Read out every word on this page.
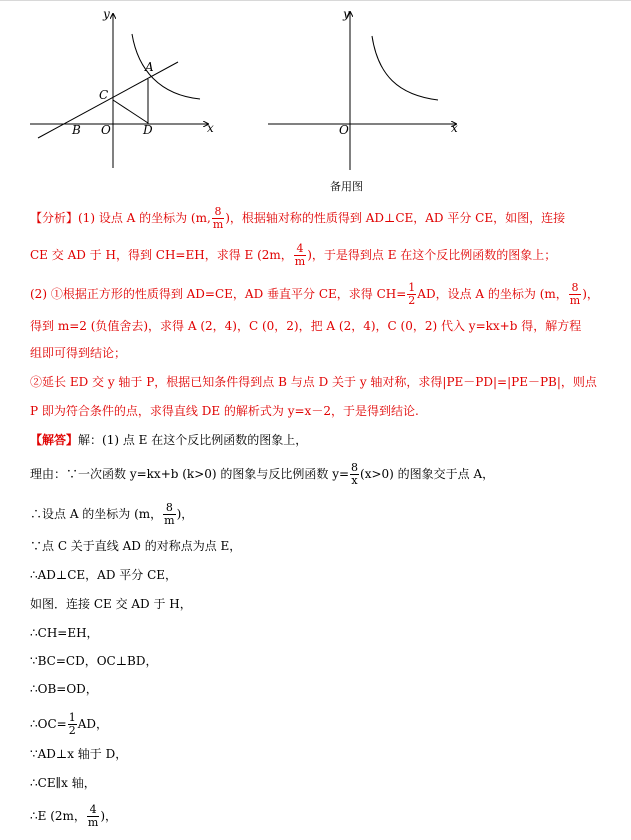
y
x
A
C
B O	D
y
x
O
备用图
【分析】(1) 设点 A 的坐标为 (m, $\frac{8}{m}$ )，根据轴对称的性质得到 AD⊥CE，AD 平分 CE，如图，连接
CE 交 AD 于 H，得到 CH=EH，求得 E (2m， $\frac{4}{m}$ )，于是得到点 E 在这个反比例函数的图象上；
(2) ①根据正方形的性质得到 AD=CE，AD 垂直平分 CE，求得 $CH= \frac{1}{2}$ AD，设点 A 的坐标为 (m， $\frac{8}{m}$ )，
得到 m=2 (负值舍去)，求得 A (2，4)，C (0，2)，把 A (2，4)，C (0，2) 代入 y=kx+b 得，解方程
组即可得到结论；
②延长 ED 交 y 轴于 P，根据已知条件得到点 B 与点 D 关于 y 轴对称，求得|PE－PD|=|PE－PB|，则点
P 即为符合条件的点，求得直线 DE 的解析式为 y=x－2，于是得到结论.
【解答】解：(1) 点 E 在这个反比例函数的图象上，
理由：∵一次函数 y=kx+b (k>0) 的图象与反比例函数 $y= \frac{8}{x} (x>0)$ 的图象交于点 A，
∴设点 A 的坐标为 (m， $\frac{8}{m}$ )，
∵点 C 关于直线 AD 的对称点为点 E，
∴AD⊥CE，AD 平分 CE，
如图．连接 CE 交 AD 于 H，
∴CH=EH，
∵BC=CD，OC⊥BD，
∴OB=OD，
∴OC= $\frac{1}{2}$ AD，
∵AD⊥x 轴于 D，
∴CE∥x 轴，
∴E (2m， $\frac{4}{m}$ )，
